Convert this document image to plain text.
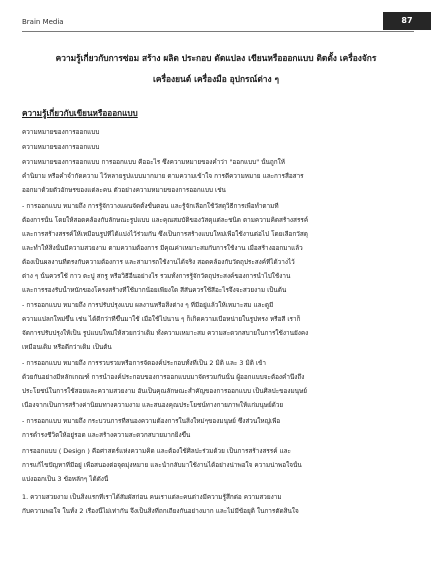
Brain Media	87
ความรู้เกี่ยวกับการซ่อม สร้าง ผลิต ประกอบ ดัดแปลง เขียนหรือออกแบบ ติดตั้ง เครื่องจักร
เครื่องยนต์ เครื่องมือ อุปกรณ์ต่าง ๆ
ความรู้เกี่ยวกับเขียนหรือออกแบบ
ความหมายของการออกแบบ
ความหมายของการออกแบบ
ความหมายของการออกแบบ การออกแบบ คืออะไร ซึ่งความหมายของคำว่า "ออกแบบ" นั้นถูกให้
คำนิยาม หรือคำจำกัดความ ไว้หลายรูปแบบมากมาย ตามความเข้าใจ การตีความหมาย และการสื่อสาร
ออกมาด้วยตัวอักษรของแต่ละคน ตัวอย่างความหมายของการออกแบบ เช่น
- การออกแบบ หมายถึง การรู้จักวางแผนจัดตั้งขั้นตอน และรู้จักเลือกใช้วัสดุวิธีการเพื่อทำตามที่
ต้องการนั้น โดยให้สอดคล้องกับลักษณะรูปแบบ และคุณสมบัติของวัสดุแต่ละชนิด ตามความคิดสร้างสรรค์
และการสร้างสรรค์ให้เหมือนรูปที่ได้แบ่งไว้ร่วมกัน ซึ่งเป็นการสร้างแบบใหม่เพื่อใช้งานต่อไป โดยเลือกวัสดุ
และทำให้สิ่งนั้นมีความสวยงาม ตามความต้องการ มีคุณค่าเหมาะสมกับการใช้งาน เมื่อสร้างออกมาแล้ว
ต้องเป็นผลงานที่ตรงกับความต้องการ และสามารถใช้งานได้จริง สอดคล้องกับวัตถุประสงค์ที่ได้วางไว้
ต่าง ๆ นั้นควรใช้ กาว ตะปู สกรู หรือวิธีอื่นอย่างไร รวมทั้งการรู้จักวัตถุประสงค์ของการนำไปใช้งาน
และการรองรับน้ำหนักของโครงสร้างที่ใช้มากน้อยเพียงใด สีสันควรใช้สีอะไรจึงจะสวยงาม เป็นต้น
- การออกแบบ หมายถึง การปรับปรุงแบบ ผลงานหรือสิ่งต่าง ๆ ที่มีอยู่แล้วให้เหมาะสม และดูมี
ความแปลกใหม่ขึ้น เช่น ได้ดีกว่าที่ขึ้นมาใช้ เมื่อใช้ไปนาน ๆ ก็เกิดความเบื่อหน่ายในรูปทรง หรือสี เราก็
จัดการปรับปรุงให้เป็น รูปแบบใหม่ให้สวยกว่าเดิม ทั้งความเหมาะสม ความสะดวกสบายในการใช้งานยังคง
เหมือนเดิม หรือดีกว่าเดิม เป็นต้น
- การออกแบบ หมายถึง การรวบรวมหรือการจัดองค์ประกอบทั้งที่เป็น 2 มิติ และ 3 มิติ เข้า
ด้วยกันอย่างมีหลักเกณฑ์ การนำองค์ประกอบของการออกแบบมาจัดรวมกันนั้น ผู้ออกแบบจะต้องคำนึงถึง
ประโยชน์ในการใช้สอยและความสวยงาม อันเป็นคุณลักษณะสำคัญของการออกแบบ เป็นศิลปะของมนุษย์
เนื่องจากเป็นการสร้างค่านิยมทางความงาม และสนองคุณประโยชน์ทางกายภาพให้แก่มนุษย์ด้วย
- การออกแบบ หมายถึง กระบวนการที่สนองความต้องการในสิ่งใหม่ๆของมนุษย์ ซึ่งส่วนใหญ่เพื่อ
การดำรงชีวิตให้อยู่รอด และสร้างความสะดวกสบายมากยิ่งขึ้น
การออกแบบ ( Design ) คือศาสตร์แห่งความคิด และต้องใช้ศิลปะร่วมด้วย เป็นการสร้างสรรค์ และ
การแก้ไขปัญหาที่มีอยู่ เพื่อสนองต่อจุดมุ่งหมาย และนำกลับมาใช้งานได้อย่างน่าพอใจ ความน่าพอใจนั้น
แบ่งออกเป็น 3 ข้อหลักๆ ได้ดังนี้
1. ความสวยงาม เป็นสิ่งแรกที่เราได้สัมผัสก่อน คนเราแต่ละคนต่างมีความรู้สึกต่อ ความสวยงาม
กับความพอใจ ในทั้ง 2 เรื่องนี้ไม่เท่ากัน จึงเป็นสิ่งที่ถกเถียงกันอย่างมาก และไม่มีข้อยุติ ในการตัดสินใจ
